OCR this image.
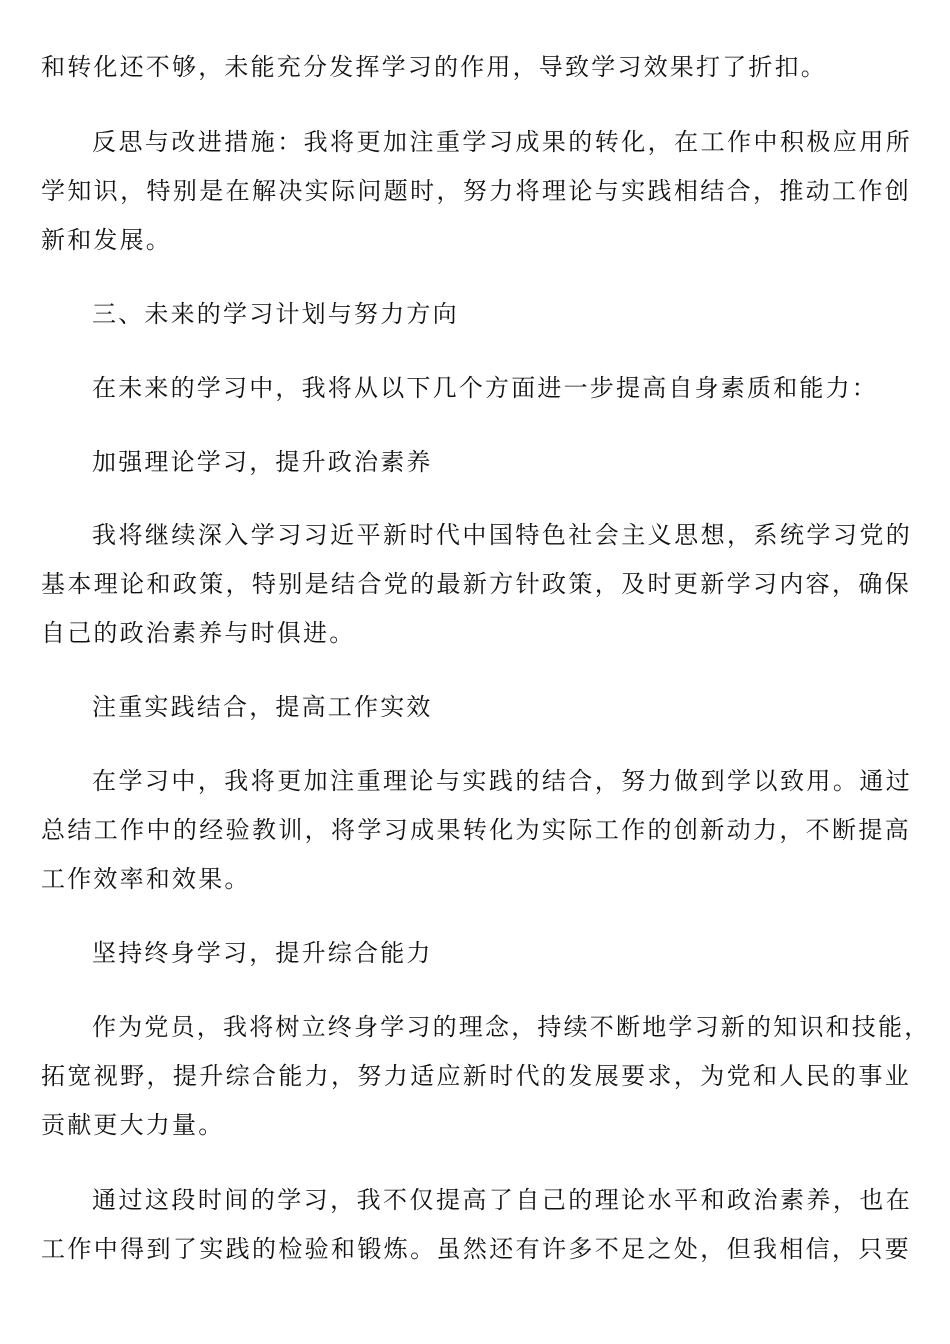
和转化还不够，未能充分发挥学习的作用，导致学习效果打了折扣。
反思与改进措施：我将更加注重学习成果的转化，在工作中积极应用所
学知识，特别是在解决实际问题时，努力将理论与实践相结合，推动工作创
新和发展。
三、未来的学习计划与努力方向
在未来的学习中，我将从以下几个方面进一步提高自身素质和能力：
加强理论学习，提升政治素养
我将继续深入学习习近平新时代中国特色社会主义思想，系统学习党的
基本理论和政策，特别是结合党的最新方针政策，及时更新学习内容，确保
自己的政治素养与时俱进。
注重实践结合，提高工作实效
在学习中，我将更加注重理论与实践的结合，努力做到学以致用。通过
总结工作中的经验教训，将学习成果转化为实际工作的创新动力，不断提高
工作效率和效果。
坚持终身学习，提升综合能力
作为党员，我将树立终身学习的理念，持续不断地学习新的知识和技能，
拓宽视野，提升综合能力，努力适应新时代的发展要求，为党和人民的事业
贡献更大力量。
通过这段时间的学习，我不仅提高了自己的理论水平和政治素养，也在
工作中得到了实践的检验和锻炼。虽然还有许多不足之处，但我相信，只要
